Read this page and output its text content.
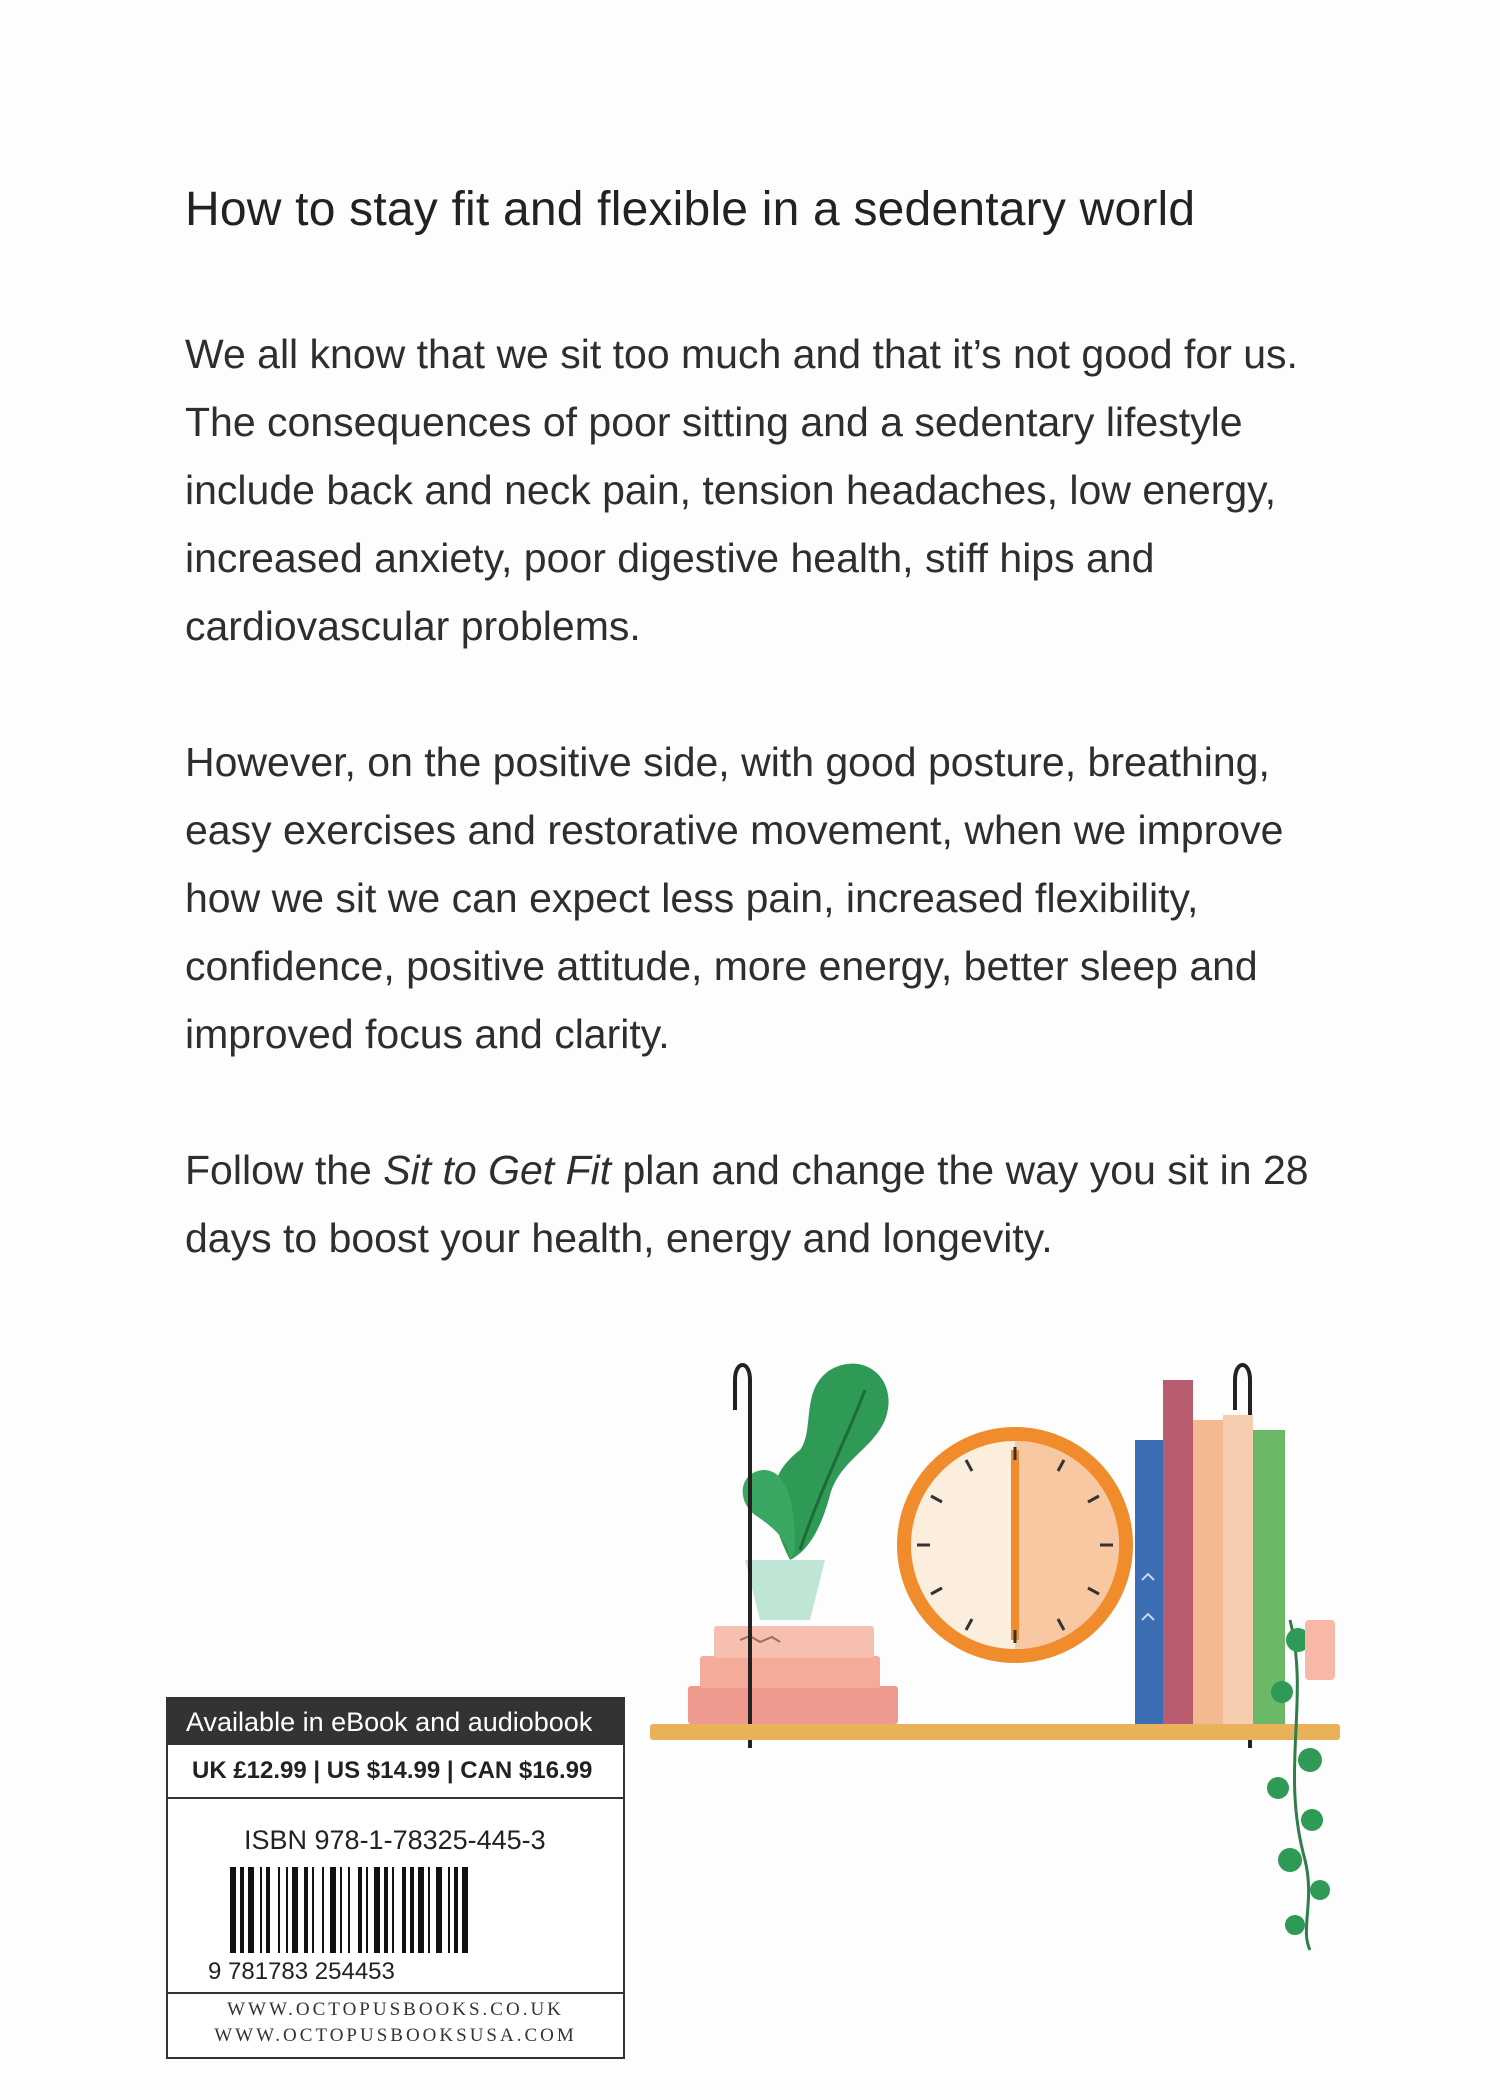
How to stay fit and flexible in a sedentary world

We all know that we sit too much and that it’s not good for us. The consequences of poor sitting and a sedentary lifestyle include back and neck pain, tension headaches, low energy, increased anxiety, poor digestive health, stiff hips and cardiovascular problems.

However, on the positive side, with good posture, breathing, easy exercises and restorative movement, when we improve how we sit we can expect less pain, increased flexibility, confidence, positive attitude, more energy, better sleep and improved focus and clarity.

Follow the Sit to Get Fit plan and change the way you sit in 28 days to boost your health, energy and longevity.

Available in eBook and audiobook
UK £12.99 | US $14.99 | CAN $16.99
ISBN 978-1-78325-445-3
9 781783 254453
WWW.OCTOPUSBOOKS.CO.UK
WWW.OCTOPUSBOOKSUSA.COM
